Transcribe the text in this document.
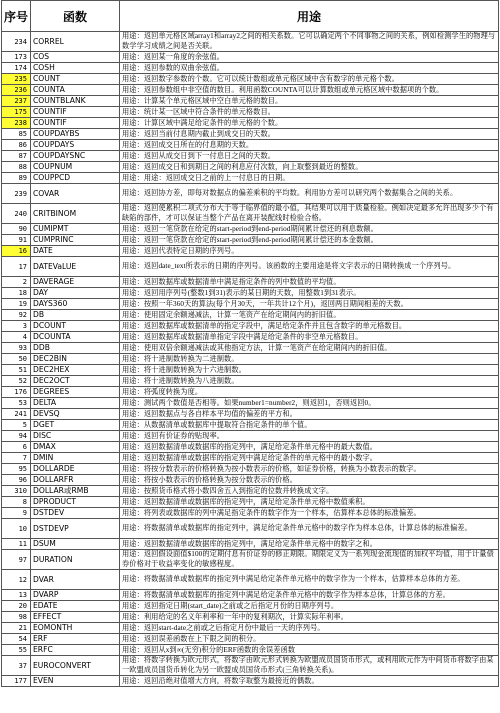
序号	函数	用途
234	CORREL	用途：返回单元格区域array1和array2之间的相关系数。它可以确定两个不同事物之间的关系，例如检测学生的物理与数学学习成绩之间是否关联。
173	COS	用途：返回某一角度的余弦值。
174	COSH	用途：返回参数的双曲余弦值。
235	COUNT	用途：返回数字参数的个数。它可以统计数组或单元格区域中含有数字的单元格个数。
236	COUNTA	用途：返回参数组中非空值的数目。利用函数COUNTA可以计算数组或单元格区域中数据项的个数。
237	COUNTBLANK	用途：计算某个单元格区域中空白单元格的数目。
175	COUNTIF	用途：统计某一区域中符合条件的单元格数目。
238	COUNTIF	用途：计算区域中满足给定条件的单元格的个数。
85	COUPDAYBS	用途：返回当前付息期内截止到成交日的天数。
86	COUPDAYS	用途：返回成交日所在的付息期的天数。
87	COUPDAYSNC	用途：返回从成交日到下一付息日之间的天数。
88	COUPNUM	用途：返回成交日和到期日之间的利息应付次数，向上取整到最近的整数。
89	COUPPCD	用途：用途：返回成交日之前的上一付息日的日期。
239	COVAR	用途：返回协方差，即每对数据点的偏差乘积的平均数。利用协方差可以研究两个数据集合之间的关系。
240	CRITBINOM	用途：返回使累积二项式分布大于等于临界值的最小值，其结果可以用于质量检验。例如决定最多允许出现多少个有缺陷的部件，才可以保证当整个产品在离开装配线时检验合格。
90	CUMIPMT	用途：返回一笔贷款在给定的start-period到end-period期间累计偿还的利息数额。
91	CUMPRINC	用途：返回一笔贷款在给定的start-period到end-period期间累计偿还的本金数额。
16	DATE	用途：返回代表特定日期的序列号。
17	DATEVaLUE	用途：返回date_text所表示的日期的序列号。该函数的主要用途是将文字表示的日期转换成一个序列号。
2	DAVERAGE	用途：返回数据库或数据清单中满足指定条件的列中数值的平均值。
18	DAY	用途：返回用序列号(整数1到31)表示的某日期的天数，用整数1到31表示。
19	DAYS360	用途：按照一年360天的算法(每个月30天，一年共计12个月)，返回两日期间相差的天数。
92	DB	用途：使用固定余额递减法，计算一笔资产在给定期间内的折旧值。
3	DCOUNT	用途：返回数据库或数据清单的指定字段中，满足给定条件并且包含数字的单元格数目。
4	DCOUNTA	用途：返回数据库或数据清单指定字段中满足给定条件的非空单元格数目。
93	DDB	用途：使用双倍余额递减法或其他指定方法，计算一笔资产在给定期间内的折旧值。
50	DEC2BIN	用途：将十进制数转换为二进制数。
51	DEC2HEX	用途：将十进制数转换为十六进制数。
52	DEC2OCT	用途：将十进制数转换为八进制数。
176	DEGREES	用途：将弧度转换为度。
53	DELTA	用途：测试两个数值是否相等。如果number1=number2，则返回1，否则返回0。
241	DEVSQ	用途：返回数据点与各自样本平均值的偏差的平方和。
5	DGET	用途：从数据清单或数据库中提取符合指定条件的单个值。
94	DISC	用途：返回有价证券的贴现率。
6	DMAX	用途：返回数据清单或数据库的指定列中，满足给定条件单元格中的最大数值。
7	DMIN	用途：返回数据清单或数据库的指定列中满足给定条件的单元格中的最小数字。
95	DOLLARDE	用途：将按分数表示的价格转换为按小数表示的价格，如证券价格，转换为小数表示的数字。
96	DOLLARFR	用途：将按小数表示的价格转换为按分数表示的价格。
310	DOLLAR或RMB	用途：按照货币格式将小数四舍五入到指定的位数并转换成文字。
8	DPRODUCT	用途：返回数据清单或数据库的指定列中，满足给定条件单元格中数值乘积。
9	DSTDEV	用途：将列表或数据库的列中满足指定条件的数字作为一个样本，估算样本总体的标准偏差。
10	DSTDEVP	用途：将数据清单或数据库的指定列中，满足给定条件单元格中的数字作为样本总体，计算总体的标准偏差。
11	DSUM	用途：返回数据清单或数据库的指定列中，满足给定条件单元格中的数字之和。
97	DURATION	用途：返回假设面值$100的定期付息有价证券的修正期限。期限定义为一系列现金流现值的加权平均值，用于计量债券价格对于收益率变化的敏感程度。
12	DVAR	用途：将数据清单或数据库的指定列中满足给定条件单元格中的数字作为一个样本，估算样本总体的方差。
13	DVARP	用途：将数据清单或数据库的指定列中满足给定条件单元格中的数字作为样本总体，计算总体的方差。
20	EDATE	用途：返回指定日期(start_date)之前或之后指定月份的日期序列号。
98	EFFECT	用途：利用给定的名义年利率和一年中的复利期次，计算实际年利率。
21	EOMONTH	用途：返回start-date之前或之后指定月份中最后一天的序列号。
54	ERF	用途：返回误差函数在上下限之间的积分。
55	ERFC	用途：返回从x到∞(无穷)积分的ERF函数的余误差函数
37	EUROCONVERT	用途：将数字转换为欧元形式，将数字由欧元形式转换为欧盟成员国货币形式，或利用欧元作为中间货币将数字由某一欧盟成员国货币转化为另一欧盟成员国货币形式(三角转换关系)。
177	EVEN	用途：返回沿绝对值增大方向，将数字取整为最接近的偶数。
